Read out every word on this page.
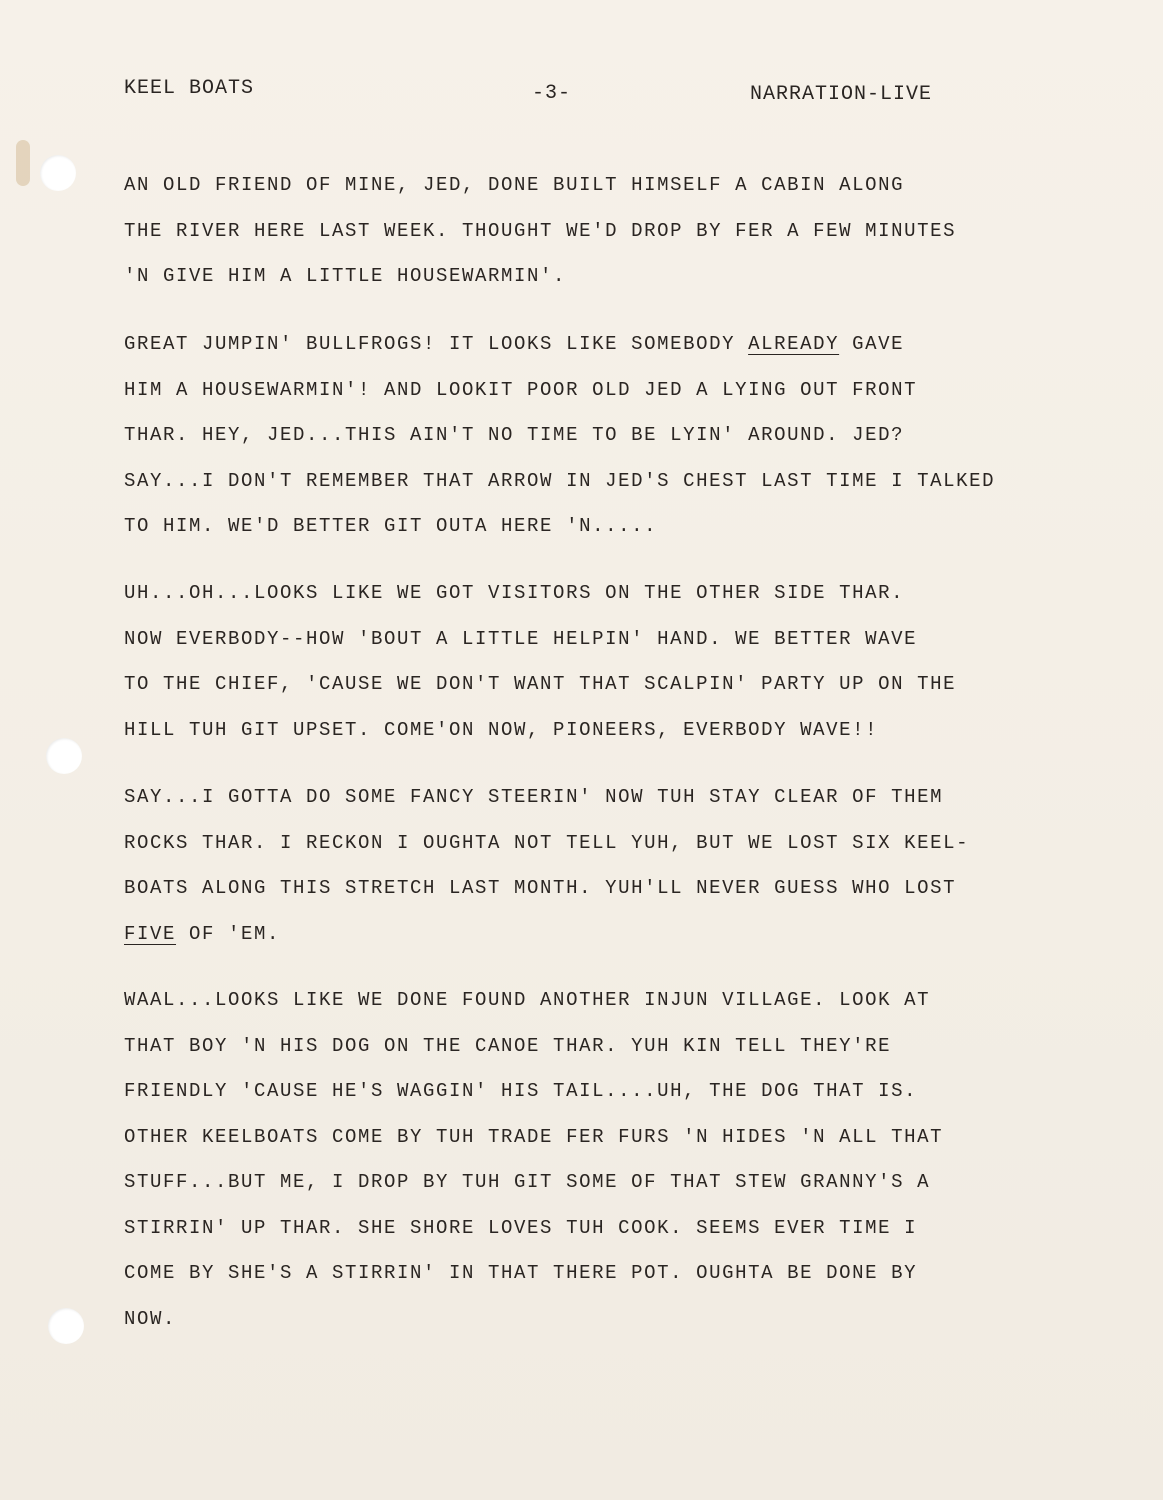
KEEL BOATS	-3-	NARRATION-LIVE
AN OLD FRIEND OF MINE, JED, DONE BUILT HIMSELF A CABIN ALONG
THE RIVER HERE LAST WEEK. THOUGHT WE'D DROP BY FER A FEW MINUTES
'N GIVE HIM A LITTLE HOUSEWARMIN'.
GREAT JUMPIN' BULLFROGS! IT LOOKS LIKE SOMEBODY ALREADY GAVE
HIM A HOUSEWARMIN'! AND LOOKIT POOR OLD JED A LYING OUT FRONT
THAR. HEY, JED...THIS AIN'T NO TIME TO BE LYIN' AROUND. JED?
SAY...I DON'T REMEMBER THAT ARROW IN JED'S CHEST LAST TIME I TALKED
TO HIM. WE'D BETTER GIT OUTA HERE 'N.....
UH...OH...LOOKS LIKE WE GOT VISITORS ON THE OTHER SIDE THAR.
NOW EVERBODY--HOW 'BOUT A LITTLE HELPIN' HAND. WE BETTER WAVE
TO THE CHIEF, 'CAUSE WE DON'T WANT THAT SCALPIN' PARTY UP ON THE
HILL TUH GIT UPSET. COME'ON NOW, PIONEERS, EVERBODY WAVE!!
SAY...I GOTTA DO SOME FANCY STEERIN' NOW TUH STAY CLEAR OF THEM
ROCKS THAR. I RECKON I OUGHTA NOT TELL YUH, BUT WE LOST SIX KEEL-
BOATS ALONG THIS STRETCH LAST MONTH. YUH'LL NEVER GUESS WHO LOST
FIVE OF 'EM.
WAAL...LOOKS LIKE WE DONE FOUND ANOTHER INJUN VILLAGE. LOOK AT
THAT BOY 'N HIS DOG ON THE CANOE THAR. YUH KIN TELL THEY'RE
FRIENDLY 'CAUSE HE'S WAGGIN' HIS TAIL....UH, THE DOG THAT IS.
OTHER KEELBOATS COME BY TUH TRADE FER FURS 'N HIDES 'N ALL THAT
STUFF...BUT ME, I DROP BY TUH GIT SOME OF THAT STEW GRANNY'S A
STIRRIN' UP THAR. SHE SHORE LOVES TUH COOK. SEEMS EVER TIME I
COME BY SHE'S A STIRRIN' IN THAT THERE POT. OUGHTA BE DONE BY
NOW.
